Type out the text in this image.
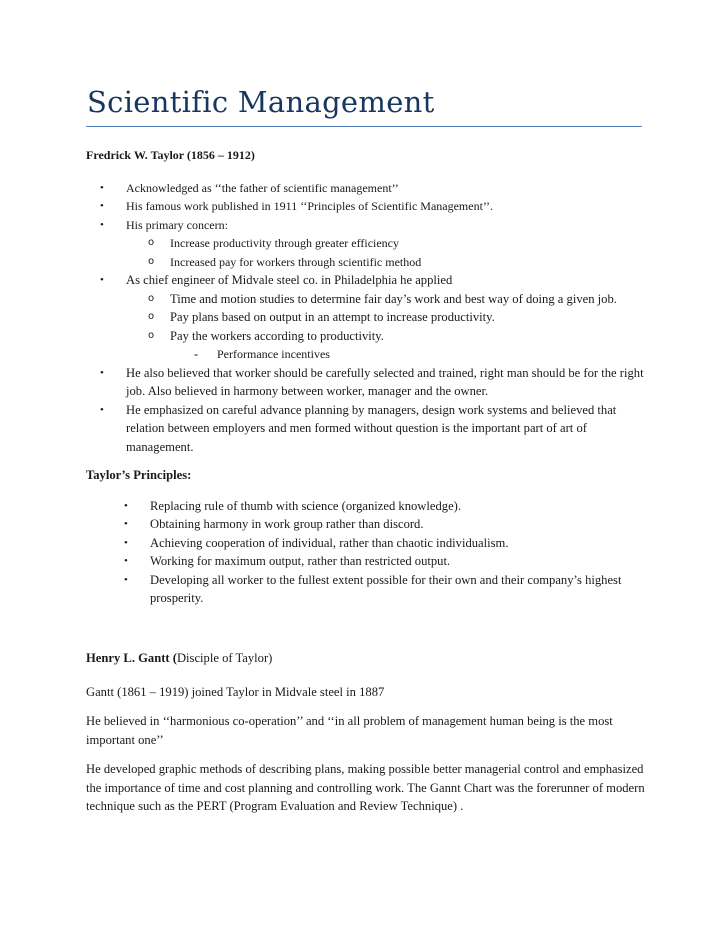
Scientific Management

Fredrick W. Taylor (1856 – 1912)

• Acknowledged as ‘‘the father of scientific management’’
• His famous work published in 1911 ‘‘Principles of Scientific Management’’.
• His primary concern:
o Increase productivity through greater efficiency
o Increased pay for workers through scientific method
• As chief engineer of Midvale steel co. in Philadelphia he applied
o Time and motion studies to determine fair day’s work and best way of doing a given job.
o Pay plans based on output in an attempt to increase productivity.
o Pay the workers according to productivity.
- Performance incentives
• He also believed that worker should be carefully selected and trained, right man should be for the right job. Also believed in harmony between worker, manager and the owner.
• He emphasized on careful advance planning by managers, design work systems and believed that relation between employers and men formed without question is the important part of art of management.

Taylor’s Principles:

• Replacing rule of thumb with science (organized knowledge).
• Obtaining harmony in work group rather than discord.
• Achieving cooperation of individual, rather than chaotic individualism.
• Working for maximum output, rather than restricted output.
• Developing all worker to the fullest extent possible for their own and their company’s highest prosperity.

Henry L. Gantt (Disciple of Taylor)

Gantt (1861 – 1919) joined Taylor in Midvale steel in 1887

He believed in ‘‘harmonious co-operation’’ and ‘‘in all problem of management human being is the most important one’’

He developed graphic methods of describing plans, making possible better managerial control and emphasized the importance of time and cost planning and controlling work. The Gannt Chart was the forerunner of modern technique such as the PERT (Program Evaluation and Review Technique) .
